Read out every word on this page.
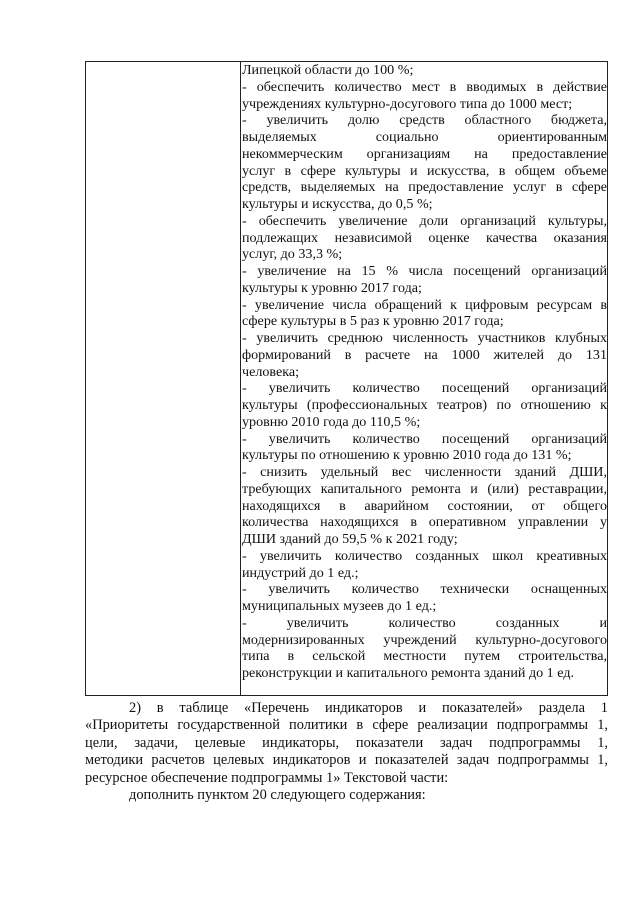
Липецкой области до 100 %;
- обеспечить количество мест в вводимых в действие
учреждениях культурно-досугового типа до 1000 мест;
- увеличить долю средств областного бюджета,
выделяемых социально ориентированным
некоммерческим организациям на предоставление
услуг в сфере культуры и искусства, в общем объеме
средств, выделяемых на предоставление услуг в сфере
культуры и искусства, до 0,5 %;
- обеспечить увеличение доли организаций культуры,
подлежащих независимой оценке качества оказания
услуг, до 33,3 %;
- увеличение на 15 % числа посещений организаций
культуры к уровню 2017 года;
- увеличение числа обращений к цифровым ресурсам в
сфере культуры в 5 раз к уровню 2017 года;
- увеличить среднюю численность участников клубных
формирований в расчете на 1000 жителей до 131
человека;
- увеличить количество посещений организаций
культуры (профессиональных театров) по отношению к
уровню 2010 года до 110,5 %;
- увеличить количество посещений организаций
культуры по отношению к уровню 2010 года до 131 %;
- снизить удельный вес численности зданий ДШИ,
требующих капитального ремонта и (или) реставрации,
находящихся в аварийном состоянии, от общего
количества находящихся в оперативном управлении у
ДШИ зданий до 59,5 % к 2021 году;
- увеличить количество созданных школ креативных
индустрий до 1 ед.;
- увеличить количество технически оснащенных
муниципальных музеев до 1 ед.;
- увеличить количество созданных и
модернизированных учреждений культурно-досугового
типа в сельской местности путем строительства,
реконструкции и капитального ремонта зданий до 1 ед.
2) в таблице «Перечень индикаторов и показателей» раздела 1
«Приоритеты государственной политики в сфере реализации подпрограммы 1,
цели, задачи, целевые индикаторы, показатели задач подпрограммы 1,
методики расчетов целевых индикаторов и показателей задач подпрограммы 1,
ресурсное обеспечение подпрограммы 1» Текстовой части:
дополнить пунктом 20 следующего содержания:
